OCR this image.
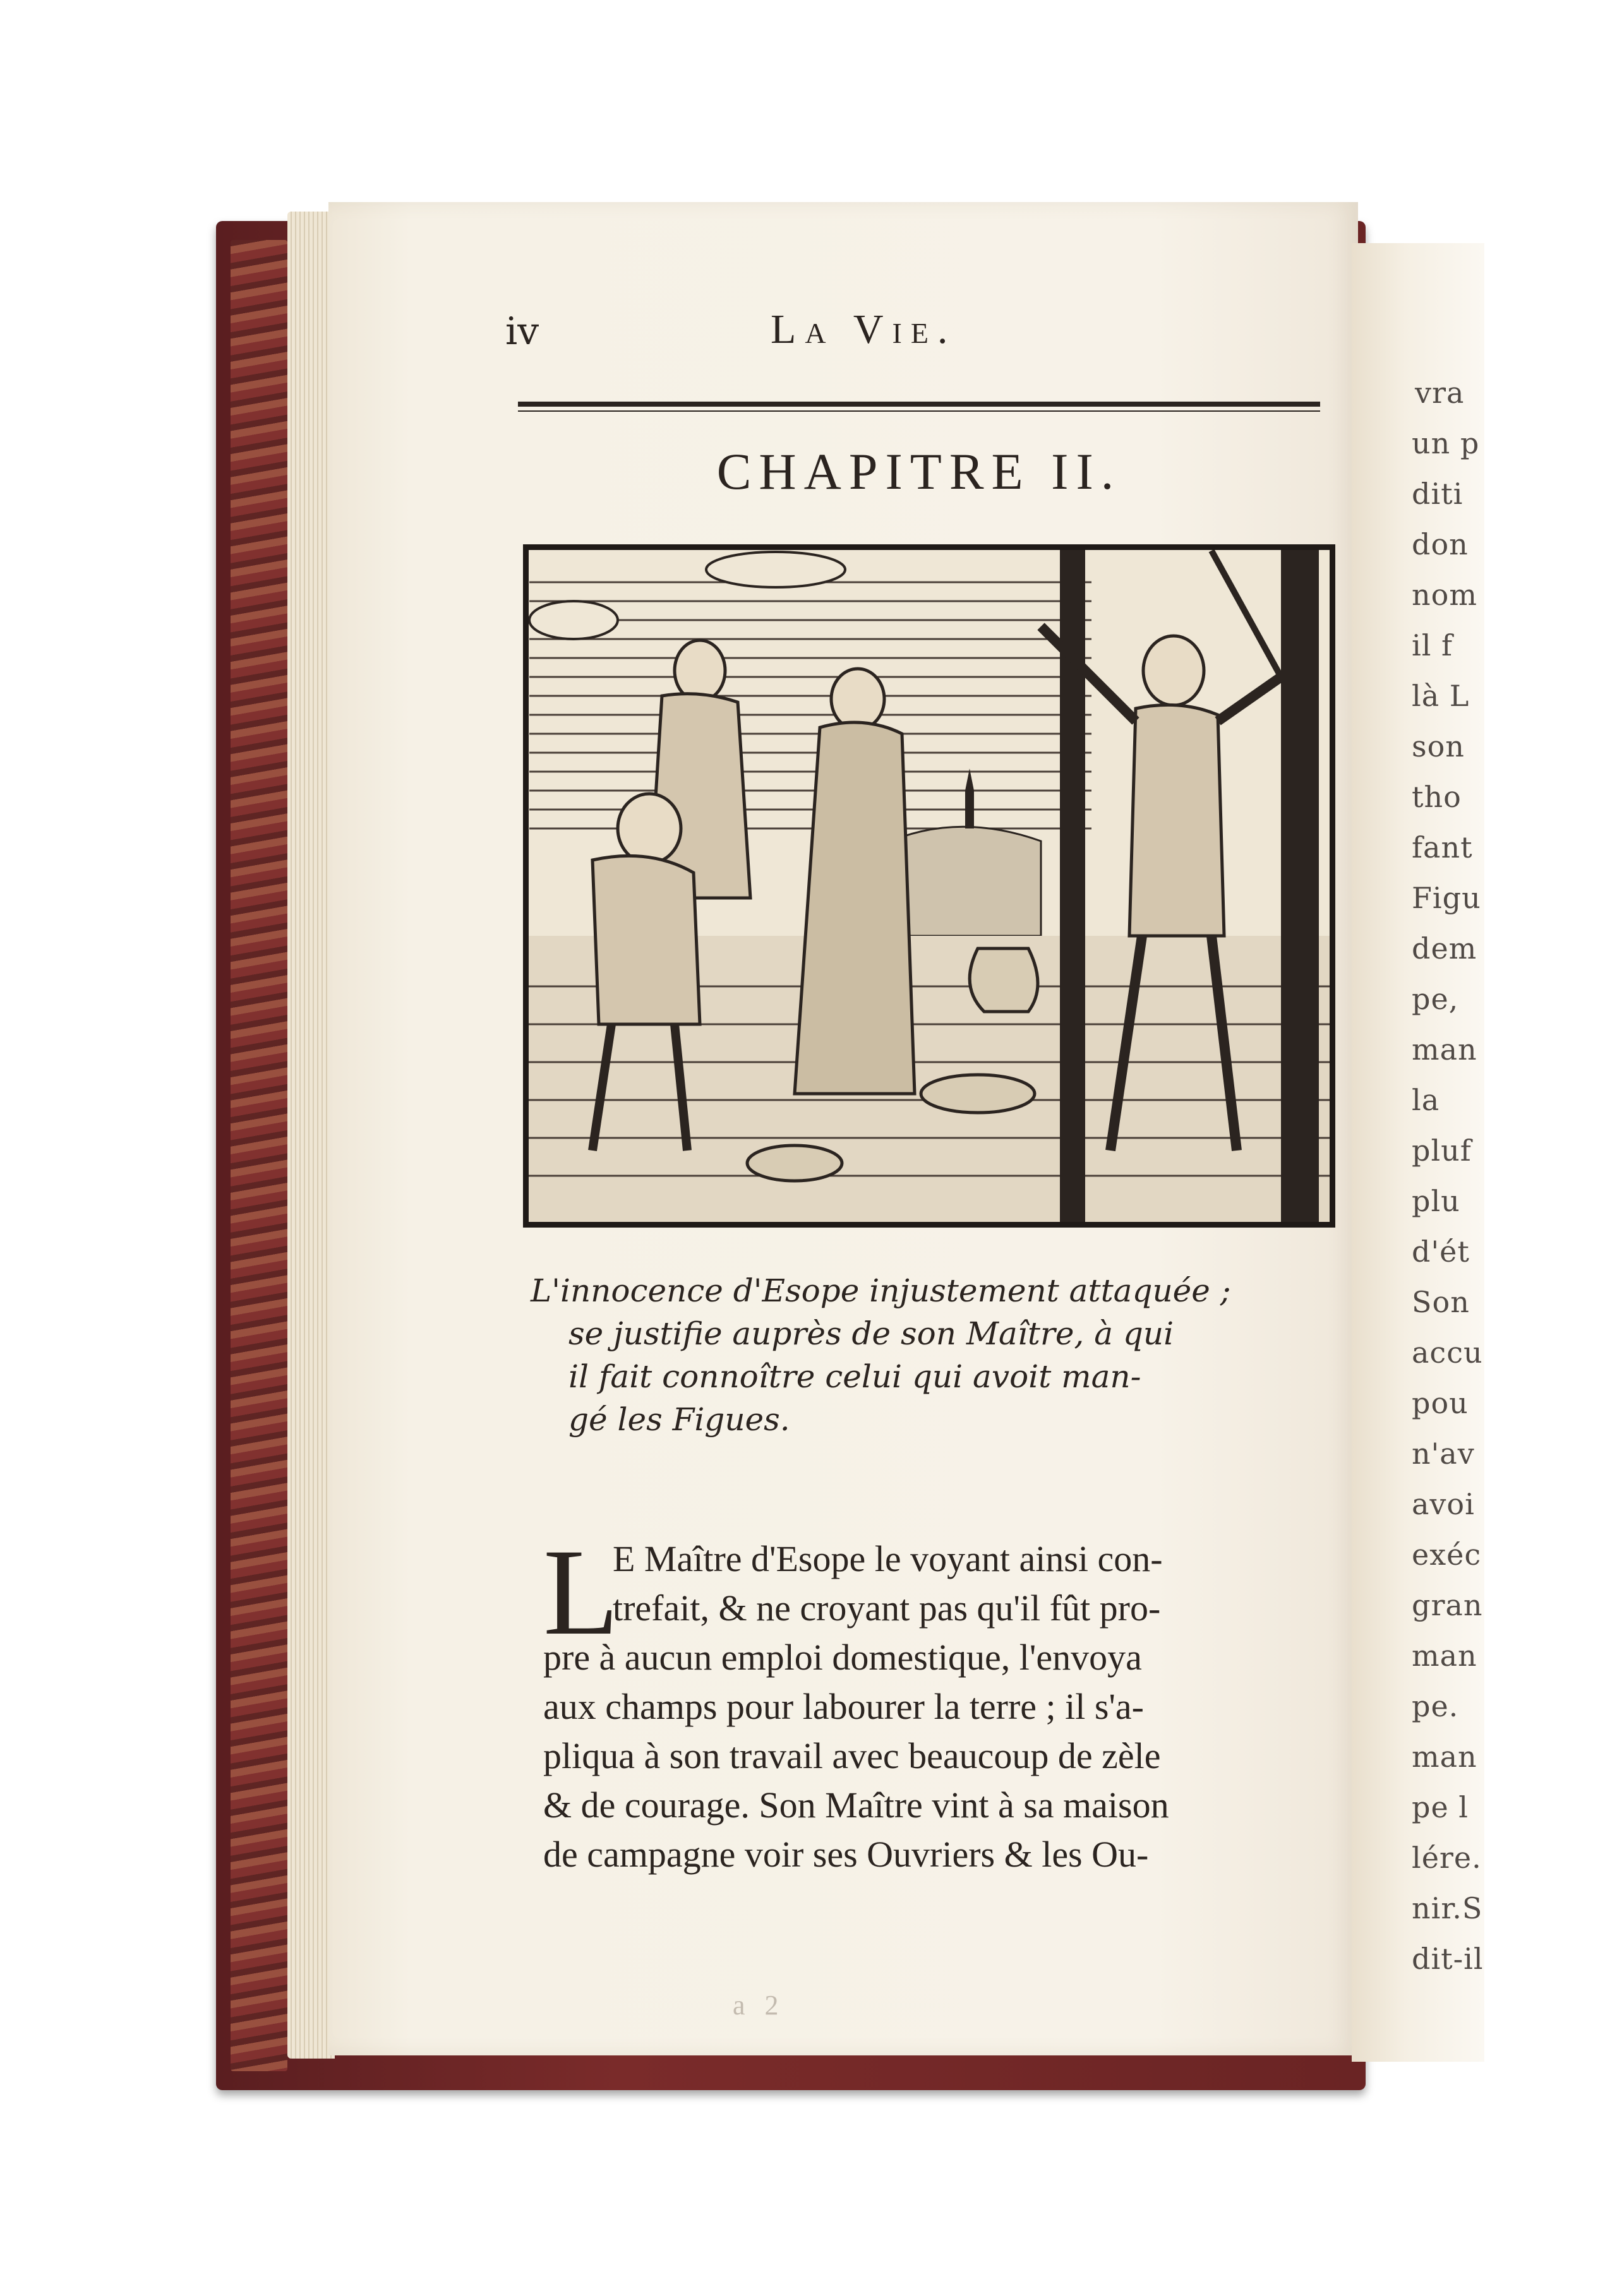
vra
un p
diti
don
nom
il f
là L
son
tho
fant
Figu
dem
pe,
man
la
pluf
plu
d'ét
Son
accu
pou
n'av
avoi
exéc
gran
man
pe.
man
pe l
lére.
nir.S
dit-il
iv	La Vie.
CHAPITRE II.
L'innocence d'Esope injustement attaquée ;
se justifie auprès de son Maître, à qui
il fait connoître celui qui avoit man-
gé les Figues.
L
E Maître d'Esope le voyant ainsi con-
trefait, & ne croyant pas qu'il fût pro-
pre à aucun emploi domestique, l'envoya
aux champs pour labourer la terre ; il s'a-
pliqua à son travail avec beaucoup de zèle
& de courage. Son Maître vint à sa maison
de campagne voir ses Ouvriers & les Ou-
a 2
